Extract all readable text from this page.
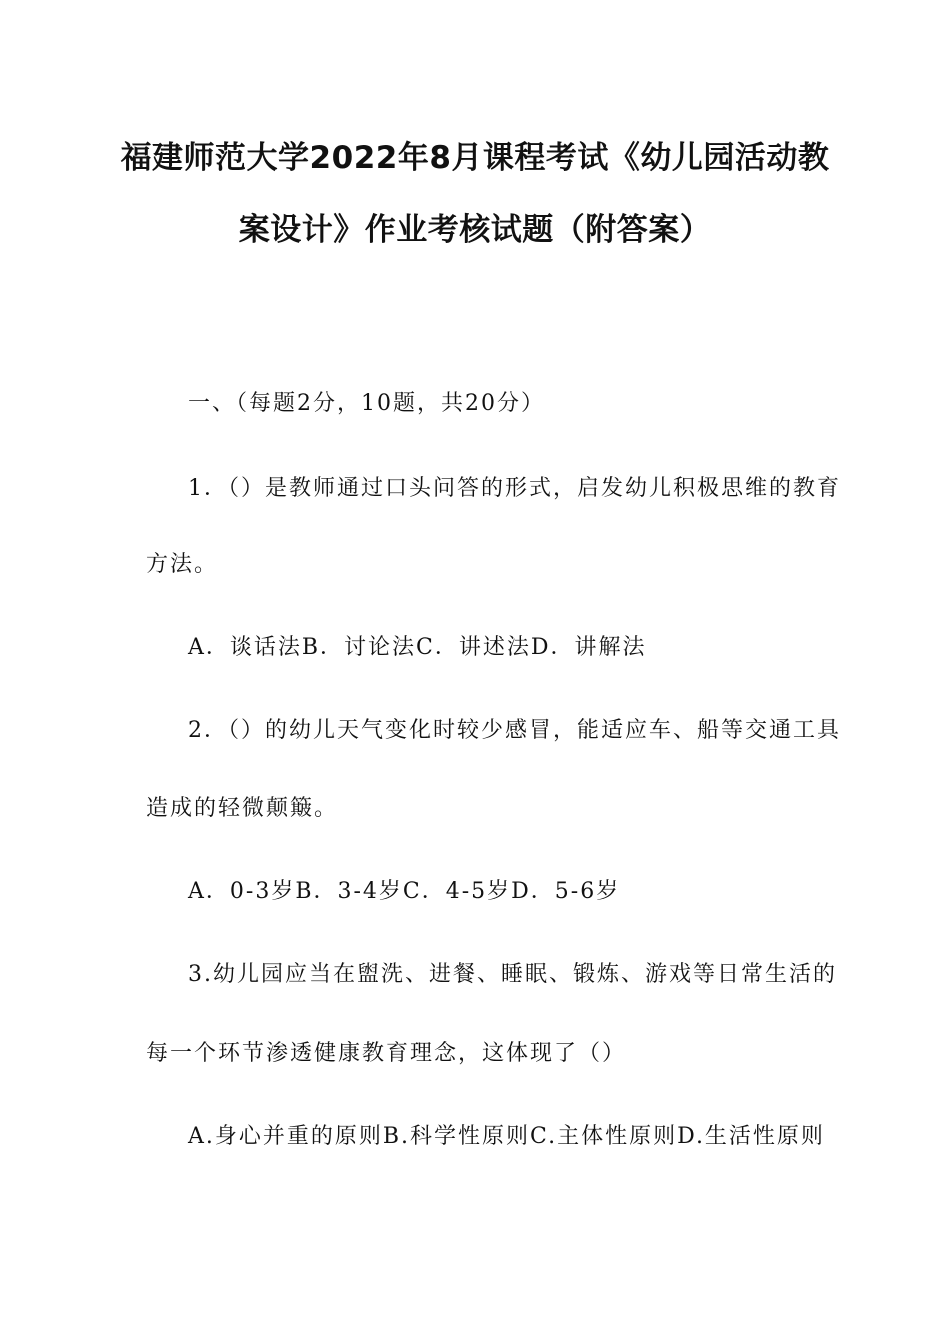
福建师范大学2022年8月课程考试《幼儿园活动教
案设计》作业考核试题（附答案）
一、（每题2分，10题，共20分）
1．（）是教师通过口头问答的形式，启发幼儿积极思维的教育
方法。
A．谈话法B．讨论法C．讲述法D．讲解法
2．（）的幼儿天气变化时较少感冒，能适应车、船等交通工具
造成的轻微颠簸。
A．0-3岁B．3-4岁C．4-5岁D．5-6岁
3.幼儿园应当在盥洗、进餐、睡眠、锻炼、游戏等日常生活的
每一个环节渗透健康教育理念，这体现了（）
A.身心并重的原则B.科学性原则C.主体性原则D.生活性原则
